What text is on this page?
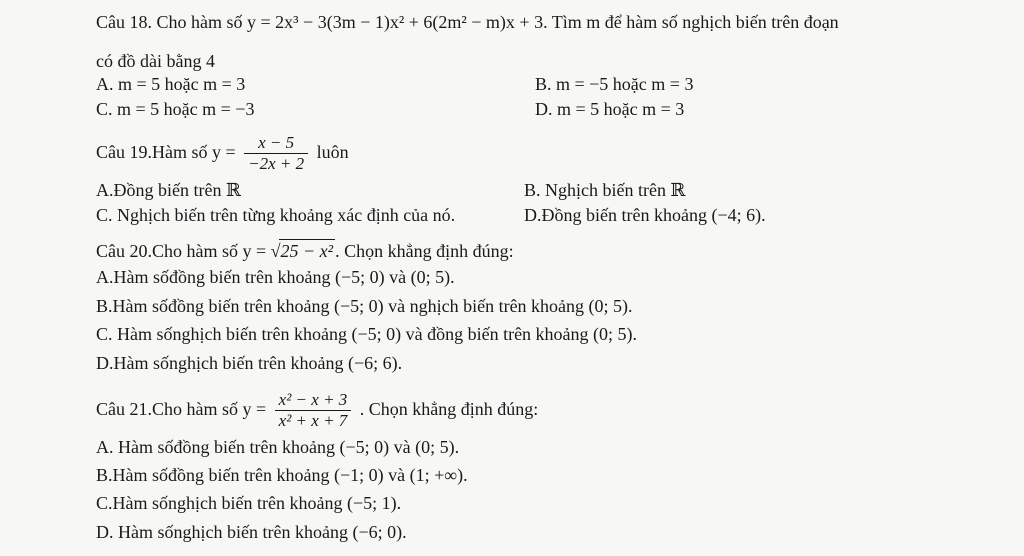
Câu 18. Cho hàm số y = 2x³ − 3(3m − 1)x² + 6(2m² − m)x + 3. Tìm m để hàm số nghịch biến trên đoạn
có đồ dài bằng 4
A. m = 5 hoặc m = 3	B. m = −5 hoặc m = 3
C. m = 5 hoặc m = −3	D. m = 5 hoặc m = 3
Câu 19.Hàm số $y = \frac{x - 5}{-2x + 2}$ luôn
A.Đồng biến trên ℝ	B. Nghịch biến trên ℝ
C. Nghịch biến trên từng khoảng xác định của nó.	D.Đồng biến trên khoảng (−4; 6).
Câu 20.Cho hàm số y = √25 − x² . Chọn khẳng định đúng:
A.Hàm sốđồng biến trên khoảng (−5; 0) và (0; 5).
B.Hàm sốđồng biến trên khoảng (−5; 0) và nghịch biến trên khoảng (0; 5).
C. Hàm sốnghịch biến trên khoảng (−5; 0) và đồng biến trên khoảng (0; 5).
D.Hàm sốnghịch biến trên khoảng (−6; 6).
Câu 21.Cho hàm số $y = \frac{\text{x² − x + 3}}{\text{x² + x + 7}}$ . Chọn khẳng định đúng:
A. Hàm sốđồng biến trên khoảng (−5; 0) và (0; 5).
B.Hàm sốđồng biến trên khoảng (−1; 0) và (1; +∞).
C.Hàm sốnghịch biến trên khoảng (−5; 1).
D. Hàm sốnghịch biến trên khoảng (−6; 0).
